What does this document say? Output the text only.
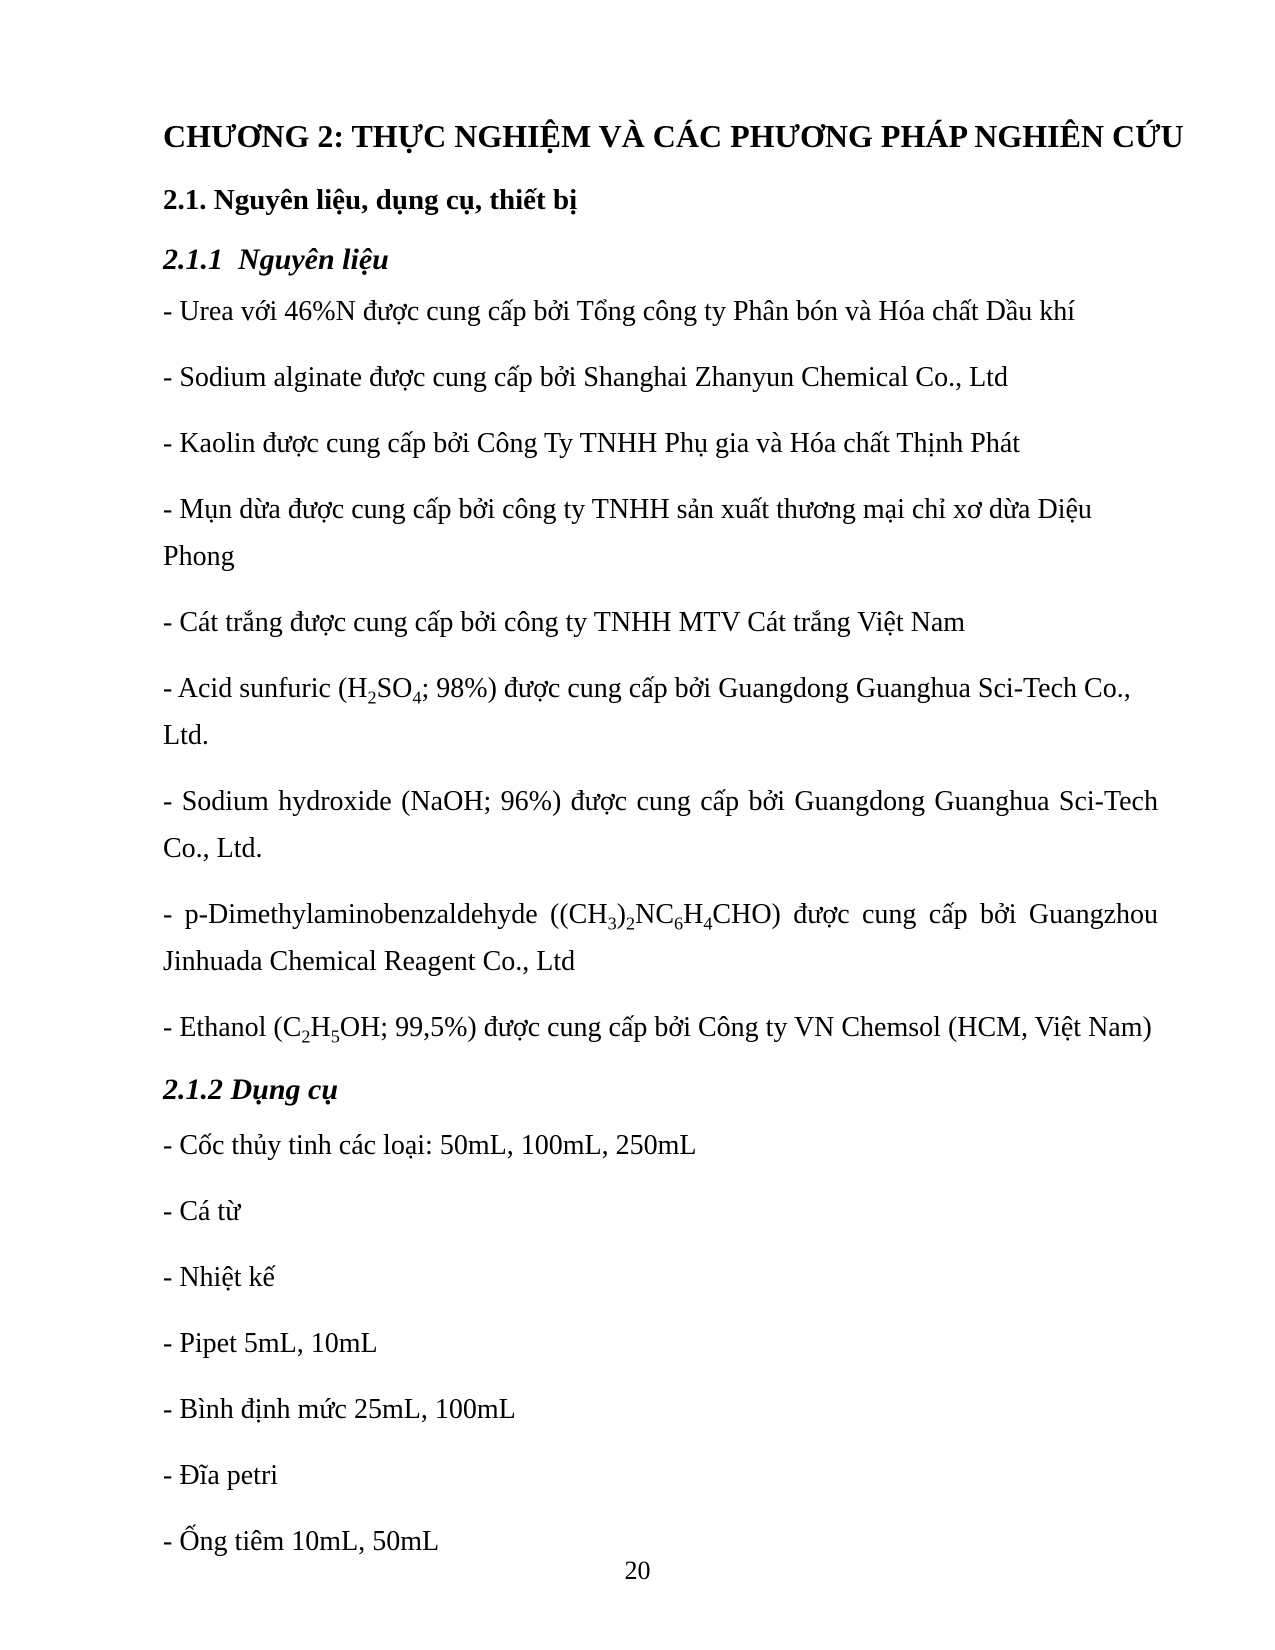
CHƯƠNG 2: THỰC NGHIỆM VÀ CÁC PHƯƠNG PHÁP NGHIÊN CỨU
2.1. Nguyên liệu, dụng cụ, thiết bị
2.1.1  Nguyên liệu

- Urea với 46%N được cung cấp bởi Tổng công ty Phân bón và Hóa chất Dầu khí

- Sodium alginate được cung cấp bởi Shanghai Zhanyun Chemical Co., Ltd

- Kaolin được cung cấp bởi Công Ty TNHH Phụ gia và Hóa chất Thịnh Phát

- Mụn dừa được cung cấp bởi công ty TNHH sản xuất thương mại chỉ xơ dừa Diệu Phong

- Cát trắng được cung cấp bởi công ty TNHH MTV Cát trắng Việt Nam

- Acid sunfuric ($H_2SO_4$; 98%) được cung cấp bởi Guangdong Guanghua Sci-Tech Co., Ltd.

- Sodium hydroxide (NaOH; 96%) được cung cấp bởi Guangdong Guanghua Sci-Tech Co., Ltd.

- p-Dimethylaminobenzaldehyde $((CH_3)_2NC_6H_4CHO)$ được cung cấp bởi Guangzhou Jinhuada Chemical Reagent Co., Ltd

- Ethanol ($C_2H_5OH$; 99,5%) được cung cấp bởi Công ty VN Chemsol (HCM, Việt Nam)

2.1.2 Dụng cụ

- Cốc thủy tinh các loại: 50mL, 100mL, 250mL

- Cá từ

- Nhiệt kế

- Pipet 5mL, 10mL

- Bình định mức 25mL, 100mL

- Đĩa petri

- Ống tiêm 10mL, 50mL

20
